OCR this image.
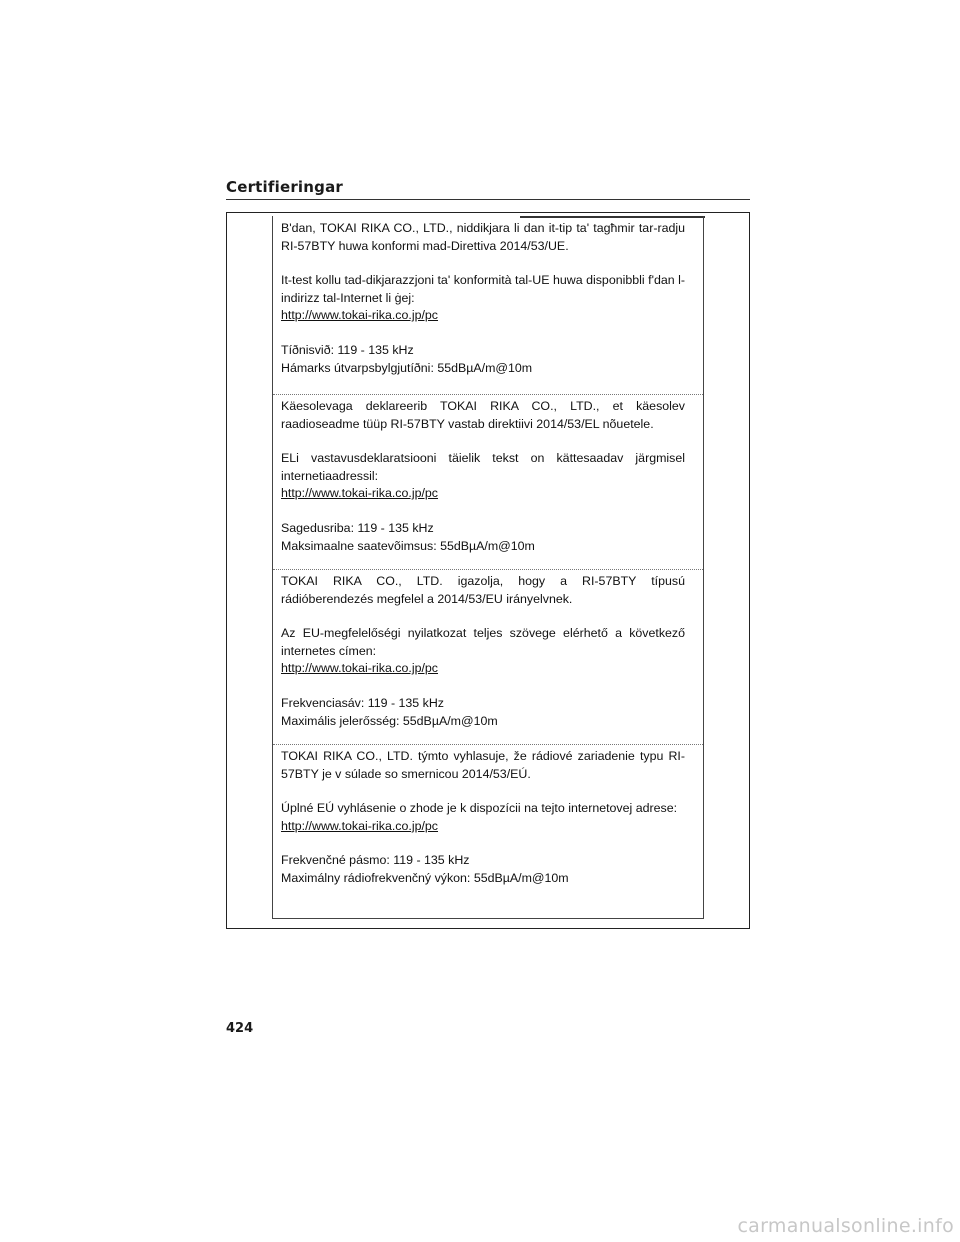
Certifieringar

B'dan, TOKAI RIKA CO., LTD., niddikjara li dan it-tip ta' tagħmir tar-radju RI-57BTY huwa konformi mad-Direttiva 2014/53/UE.

It-test kollu tad-dikjarazzjoni ta' konformità tal-UE huwa disponibbli f'dan l-indirizz tal-Internet li ġej:
http://www.tokai-rika.co.jp/pc

Tíðnisvið: 119 - 135 kHz
Hámarks útvarpsbylgjutíðni: 55dBµA/m@10m

Käesolevaga deklareerib TOKAI RIKA CO., LTD., et käesolev raadioseadme tüüp RI-57BTY vastab direktiivi 2014/53/EL nõuetele.

ELi vastavusdeklaratsiooni täielik tekst on kättesaadav järgmisel internetiaadressil:
http://www.tokai-rika.co.jp/pc

Sagedusriba: 119 - 135 kHz
Maksimaalne saatevõimsus: 55dBµA/m@10m

TOKAI RIKA CO., LTD. igazolja, hogy a RI-57BTY típusú rádióberendezés megfelel a 2014/53/EU irányelvnek.

Az EU-megfelelőségi nyilatkozat teljes szövege elérhető a következő internetes címen:
http://www.tokai-rika.co.jp/pc

Frekvenciasáv: 119 - 135 kHz
Maximális jelerősség: 55dBµA/m@10m

TOKAI RIKA CO., LTD. týmto vyhlasuje, že rádiové zariadenie typu RI-57BTY je v súlade so smernicou 2014/53/EÚ.

Úplné EÚ vyhlásenie o zhode je k dispozícii na tejto internetovej adrese:
http://www.tokai-rika.co.jp/pc

Frekvenčné pásmo: 119 - 135 kHz
Maximálny rádiofrekvenčný výkon: 55dBµA/m@10m

424
carmanualsonline.info
